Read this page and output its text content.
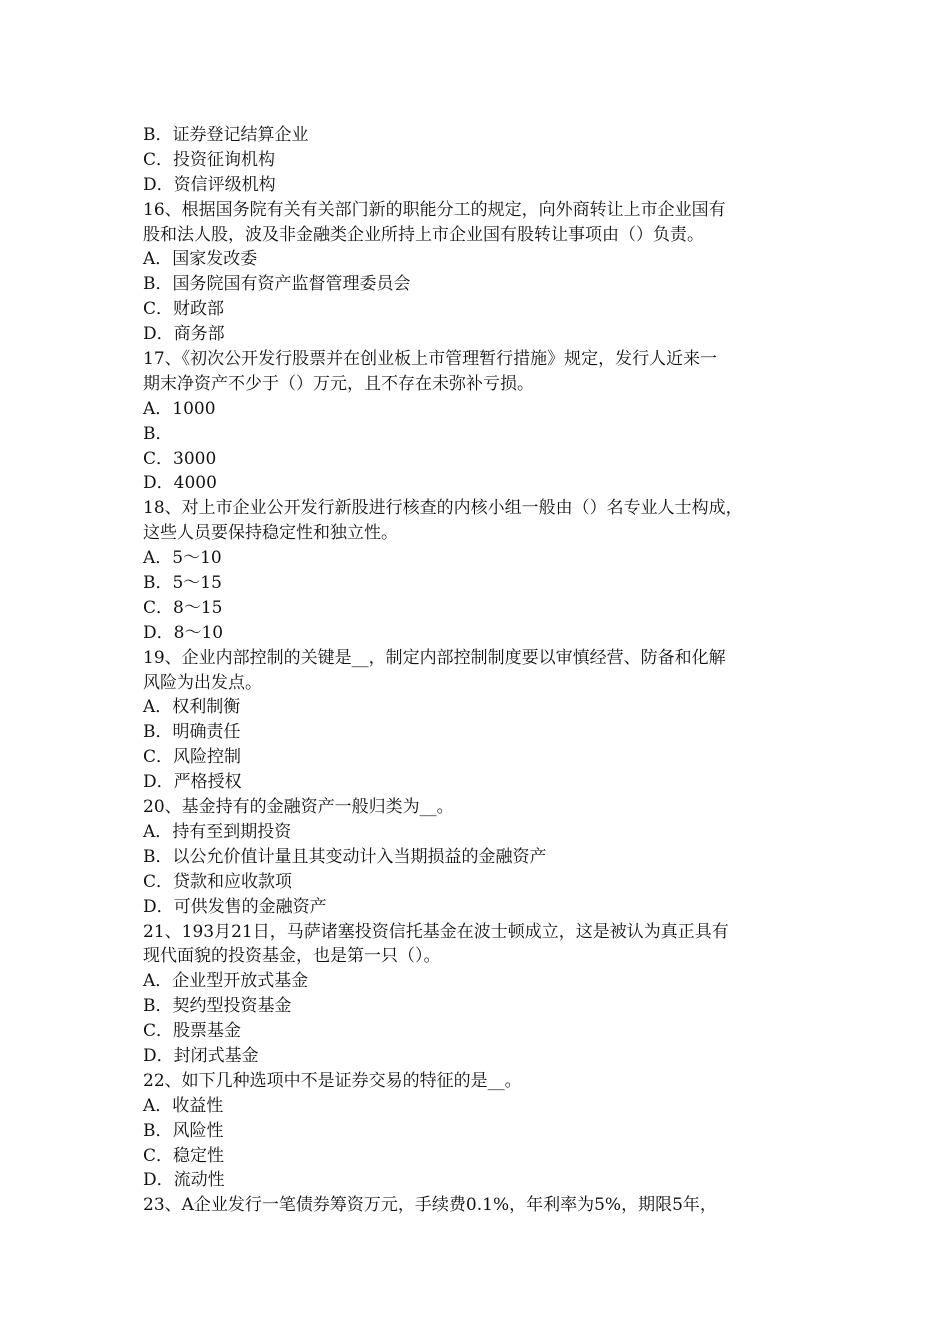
B．证券登记结算企业
C．投资征询机构
D．资信评级机构
16、根据国务院有关有关部门新的职能分工的规定，向外商转让上市企业国有
股和法人股，波及非金融类企业所持上市企业国有股转让事项由（）负责。
A．国家发改委
B．国务院国有资产监督管理委员会
C．财政部
D．商务部
17、《初次公开发行股票并在创业板上市管理暂行措施》规定，发行人近来一
期末净资产不少于（）万元，且不存在未弥补亏损。
A．1000
B．
C．3000
D．4000
18、对上市企业公开发行新股进行核查的内核小组一般由（）名专业人士构成，
这些人员要保持稳定性和独立性。
A．5～10
B．5～15
C．8～15
D．8～10
19、企业内部控制的关键是__，制定内部控制制度要以审慎经营、防备和化解
风险为出发点。
A．权利制衡
B．明确责任
C．风险控制
D．严格授权
20、基金持有的金融资产一般归类为__。
A．持有至到期投资
B．以公允价值计量且其变动计入当期损益的金融资产
C．贷款和应收款项
D．可供发售的金融资产
21、193月21日，马萨诸塞投资信托基金在波士顿成立，这是被认为真正具有
现代面貌的投资基金，也是第一只（）。
A．企业型开放式基金
B．契约型投资基金
C．股票基金
D．封闭式基金
22、如下几种选项中不是证券交易的特征的是__。
A．收益性
B．风险性
C．稳定性
D．流动性
23、A企业发行一笔债券筹资万元，手续费0.1%，年利率为5%，期限5年，
